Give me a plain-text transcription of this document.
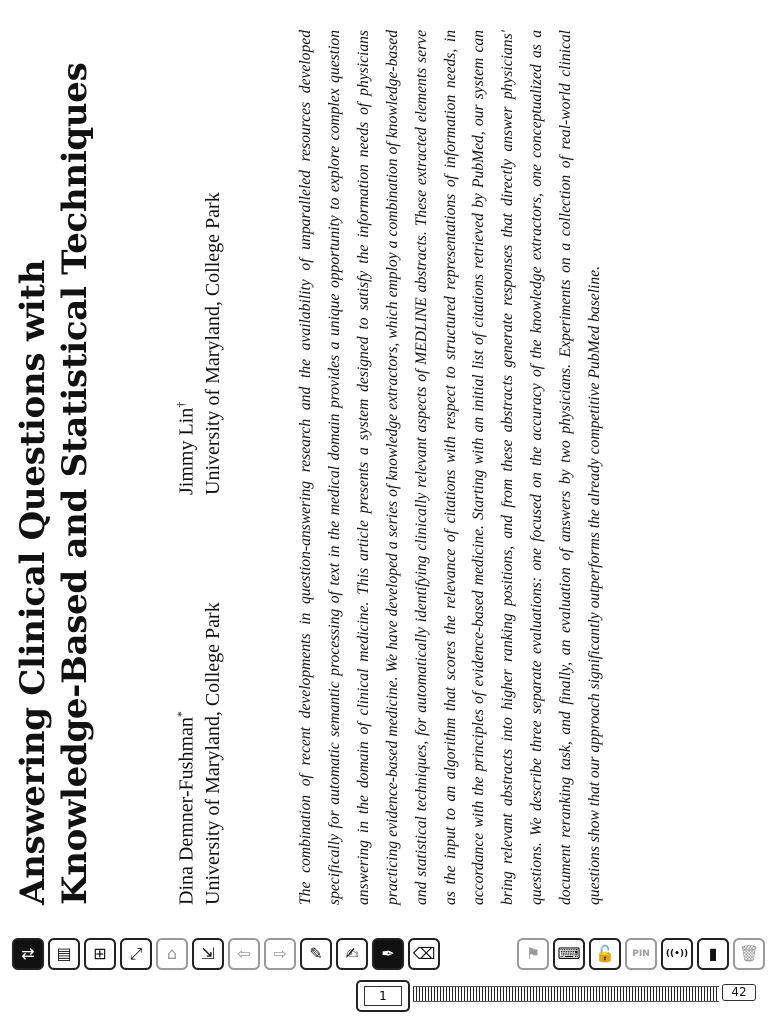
Answering Clinical Questions with Knowledge-Based and Statistical Techniques	Dina Demner-Fushman* University of Maryland, College Park
Jimmy Lin† University of Maryland, College Park	The combination of recent developments in question-answering research and the availability of unparalleled resources developed specifically for automatic semantic processing of text in the medical domain provides a unique opportunity to explore complex question answering in the domain of clinical medicine. This article presents a system designed to satisfy the information needs of physicians practicing evidence-based medicine. We have developed a series of knowledge extractors, which employ a combination of knowledge-based and statistical techniques, for automatically identifying clinically relevant aspects of MEDLINE abstracts. These extracted elements serve as the input to an algorithm that scores the relevance of citations with respect to structured representations of information needs, in accordance with the principles of evidence-based medicine. Starting with an initial list of citations retrieved by PubMed, our system can bring relevant abstracts into higher ranking positions, and from these abstracts generate responses that directly answer physicians' questions. We describe three separate evaluations: one focused on the accuracy of the knowledge extractors, one conceptualized as a document reranking task, and finally, an evaluation of answers by two physicians. Experiments on a collection of real-world clinical questions show that our approach significantly outperforms the already competitive PubMed baseline.
⇄ ▤ ⊞ ⤢ ⌂ ⇲ ⇦ ⇨ ✎ ✍ ✒ ⌫	⚑ ⌨ 🔓 PIN ((•)) ▮ 🗑
1
42
